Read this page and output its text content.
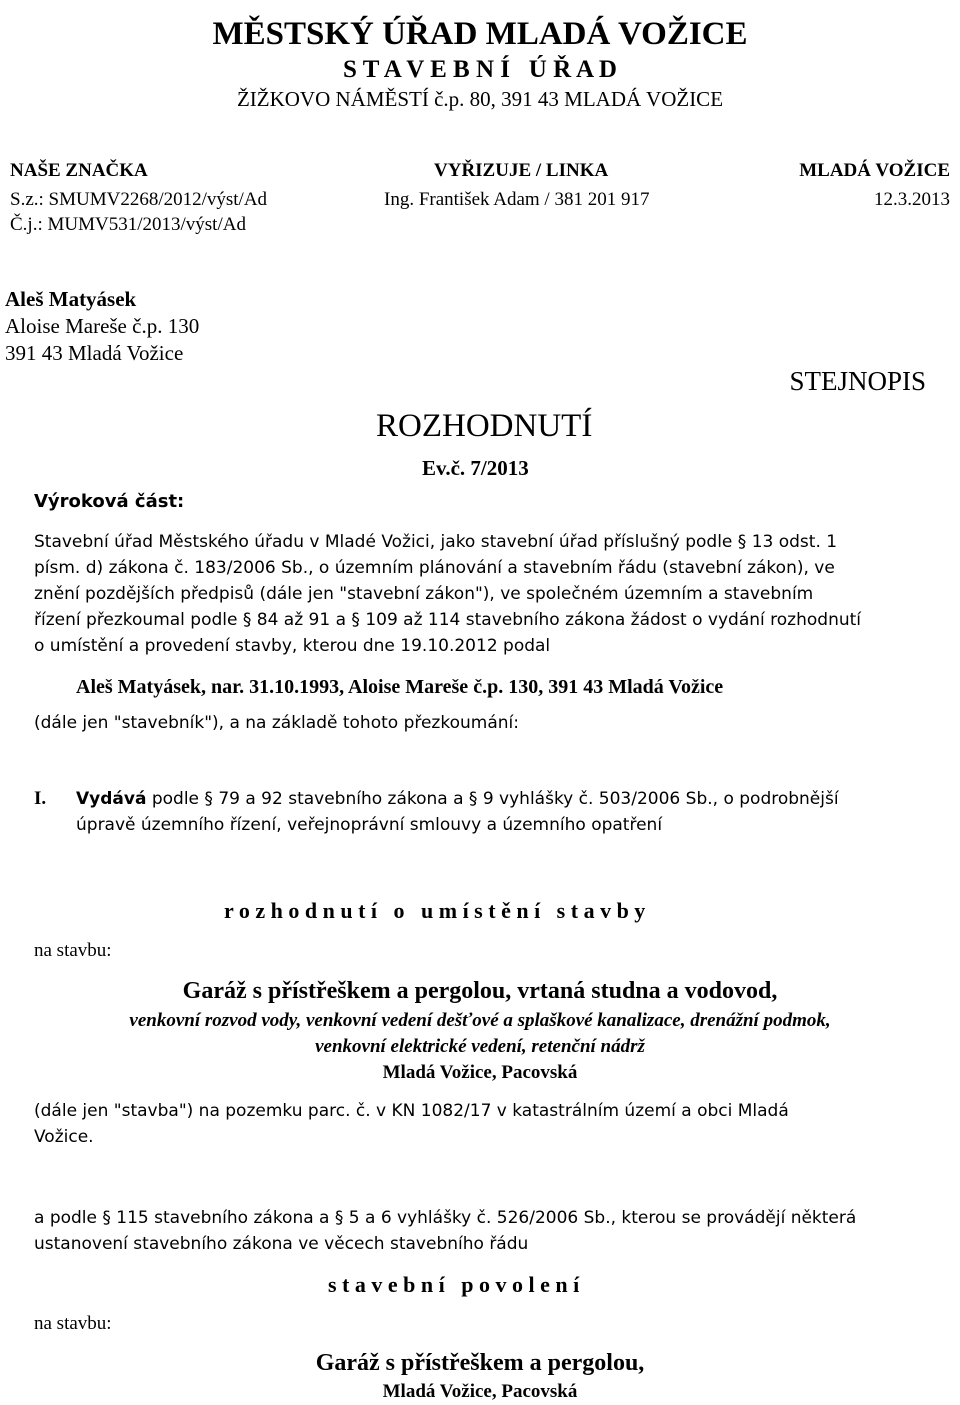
MĚSTSKÝ ÚŘAD MLADÁ VOŽICE
S T A V E B N Í   Ú Ř A D
ŽIŽKOVO NÁMĚSTÍ č.p. 80, 391 43 MLADÁ VOŽICE
NAŠE ZNAČKA	VYŘIZUJE / LINKA	MLADÁ VOŽICE
S.z.: SMUMV2268/2012/výst/Ad	Ing. František Adam / 381 201 917	12.3.2013
Č.j.: MUMV531/2013/výst/Ad
Aleš Matyásek
Aloise Mareše č.p. 130
391 43 Mladá Vožice
STEJNOPIS
ROZHODNUTÍ
Ev.č. 7/2013
Výroková část:
Stavební úřad Městského úřadu v Mladé Vožici, jako stavební úřad příslušný podle § 13 odst. 1
písm. d) zákona č. 183/2006 Sb., o územním plánování a stavebním řádu (stavební zákon), ve
znění pozdějších předpisů (dále jen "stavební zákon"), ve společném územním a stavebním
řízení přezkoumal podle § 84 až 91 a § 109 až 114 stavebního zákona žádost o vydání rozhodnutí
o umístění a provedení stavby, kterou dne 19.10.2012 podal
Aleš Matyásek, nar. 31.10.1993, Aloise Mareše č.p. 130, 391 43 Mladá Vožice
(dále jen "stavebník"), a na základě tohoto přezkoumání:
I. Vydává podle § 79 a 92 stavebního zákona a § 9 vyhlášky č. 503/2006 Sb., o podrobnější
úpravě územního řízení, veřejnoprávní smlouvy a územního opatření
r o z h o d n u t í   o   u m í s t ě n í   s t a v b y
na stavbu:
Garáž s přístřeškem a pergolou, vrtaná studna a vodovod,
venkovní rozvod vody, venkovní vedení dešťové a splaškové kanalizace, drenážní podmok,
venkovní elektrické vedení, retenční nádrž
Mladá Vožice, Pacovská
(dále jen "stavba") na pozemku parc. č. v KN 1082/17 v katastrálním území a obci Mladá
Vožice.
a podle § 115 stavebního zákona a § 5 a 6 vyhlášky č. 526/2006 Sb., kterou se provádějí některá
ustanovení stavebního zákona ve věcech stavebního řádu
s t a v e b n í   p o v o l e n í
na stavbu:
Garáž s přístřeškem a pergolou,
Mladá Vožice, Pacovská
